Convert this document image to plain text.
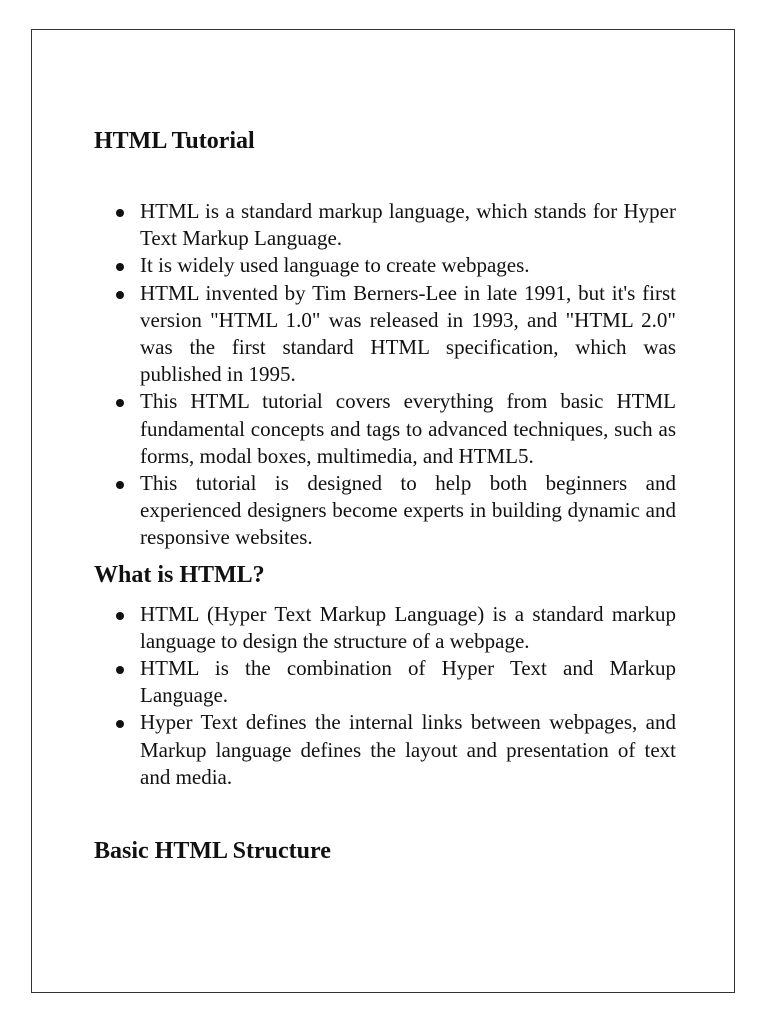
HTML Tutorial
HTML is a standard markup language, which stands for Hyper Text Markup Language.
It is widely used language to create webpages.
HTML invented by Tim Berners-Lee in late 1991, but it's first version "HTML 1.0" was released in 1993, and "HTML 2.0" was the first standard HTML specification, which was published in 1995.
This HTML tutorial covers everything from basic HTML fundamental concepts and tags to advanced techniques, such as forms, modal boxes, multimedia, and HTML5.
This tutorial is designed to help both beginners and experienced designers become experts in building dynamic and responsive websites.
What is HTML?
HTML (Hyper Text Markup Language) is a standard markup language to design the structure of a webpage.
HTML is the combination of Hyper Text and Markup Language.
Hyper Text defines the internal links between webpages, and Markup language defines the layout and presentation of text and media.
Basic HTML Structure
